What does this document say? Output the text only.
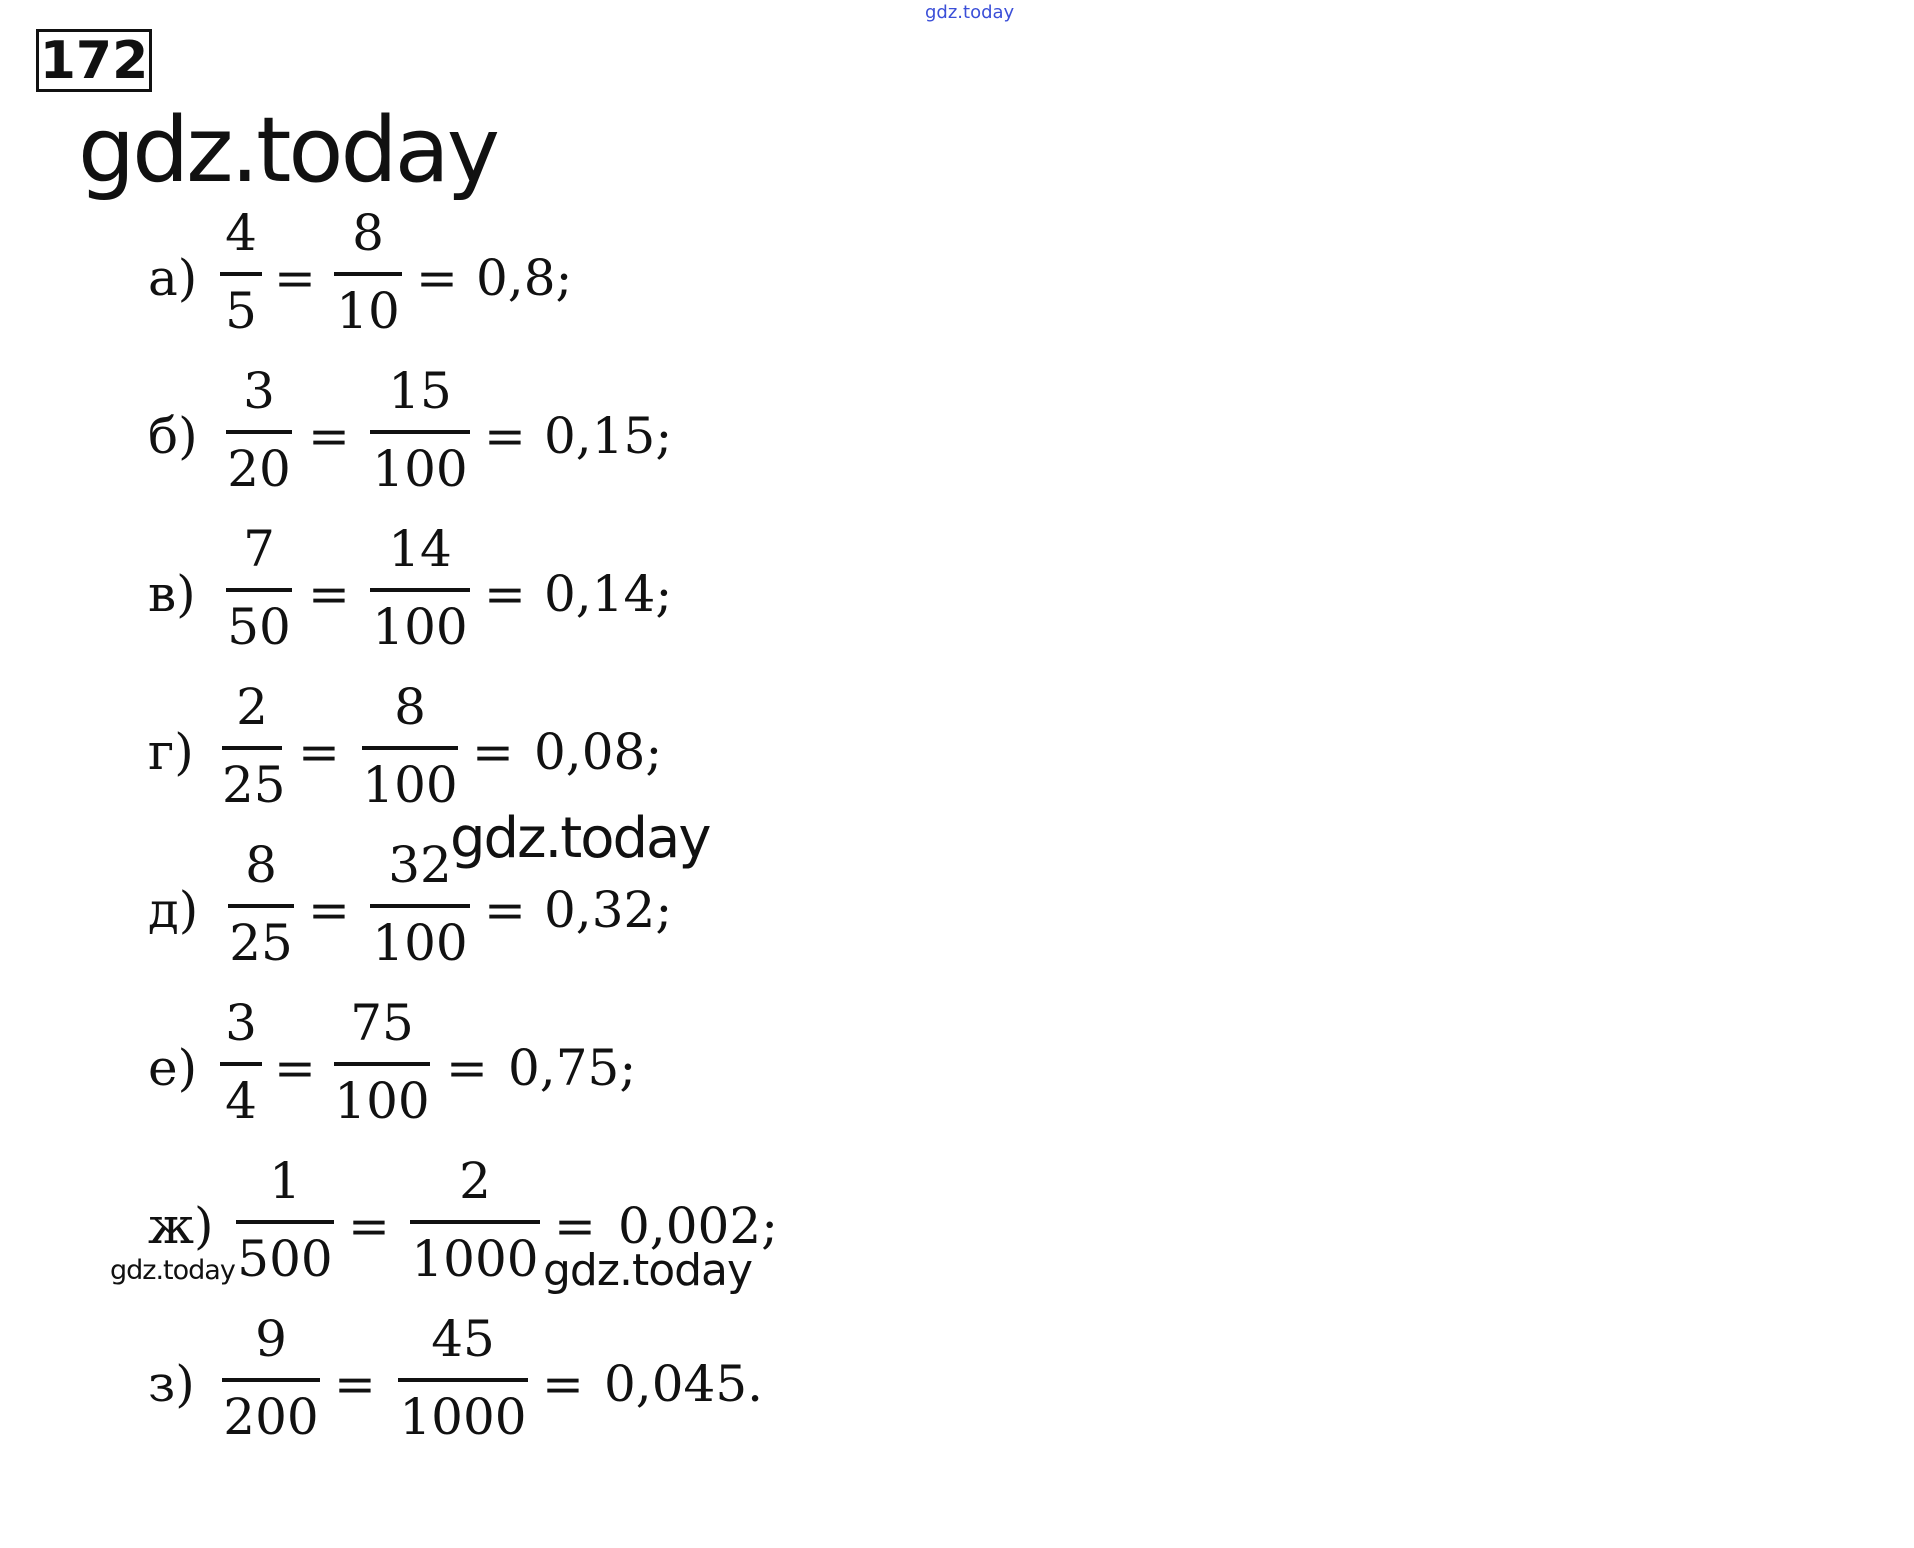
172
gdz.today
gdz.today
а)
4
5
=
8
10
= 0,8;
б)
3
20
=
15
100
= 0,15;
в)
7
50
=
14
100
= 0,14;
г)
2
25
=
8
100
= 0,08;
gdz.today
д)
8
25
=
32
100
= 0,32;
е)
3
4
=
75
100
= 0,75;
ж)
1
500
=
2
1000
= 0,002;
gdz.today	gdz.today
з)
9
200
=
45
1000
= 0,045.
